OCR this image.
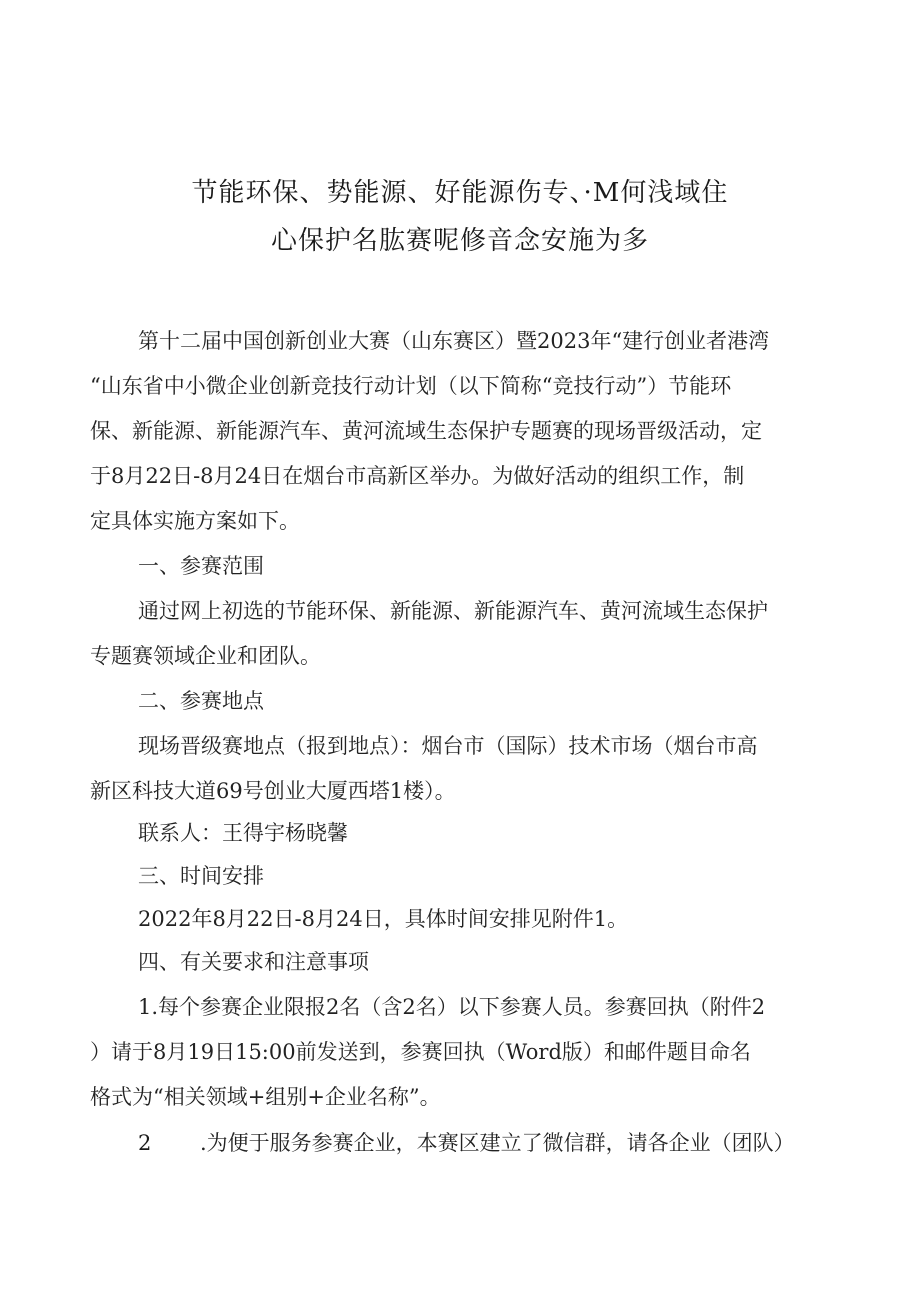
节能环保、势能源、好能源伤专、·M何浅域住
心保护名肱赛呢修音念安施为多
第十二届中国创新创业大赛（山东赛区）暨2023年“建行创业者港湾
“山东省中小微企业创新竞技行动计划（以下简称“竞技行动”）节能环
保、新能源、新能源汽车、黄河流域生态保护专题赛的现场晋级活动，定
于8月22日-8月24日在烟台市高新区举办。为做好活动的组织工作，制
定具体实施方案如下。
一、参赛范围
通过网上初选的节能环保、新能源、新能源汽车、黄河流域生态保护
专题赛领域企业和团队。
二、参赛地点
现场晋级赛地点（报到地点）：烟台市（国际）技术市场（烟台市高
新区科技大道69号创业大厦西塔1楼）。
联系人：王得宇杨晓馨
三、时间安排
2022年8月22日-8月24日，具体时间安排见附件1。
四、有关要求和注意事项
1.每个参赛企业限报2名（含2名）以下参赛人员。参赛回执（附件2
）请于8月19日15:00前发送到，参赛回执（Word版）和邮件题目命名
格式为“相关领域+组别+企业名称”。
2 .为便于服务参赛企业，本赛区建立了微信群，请各企业（团队）
